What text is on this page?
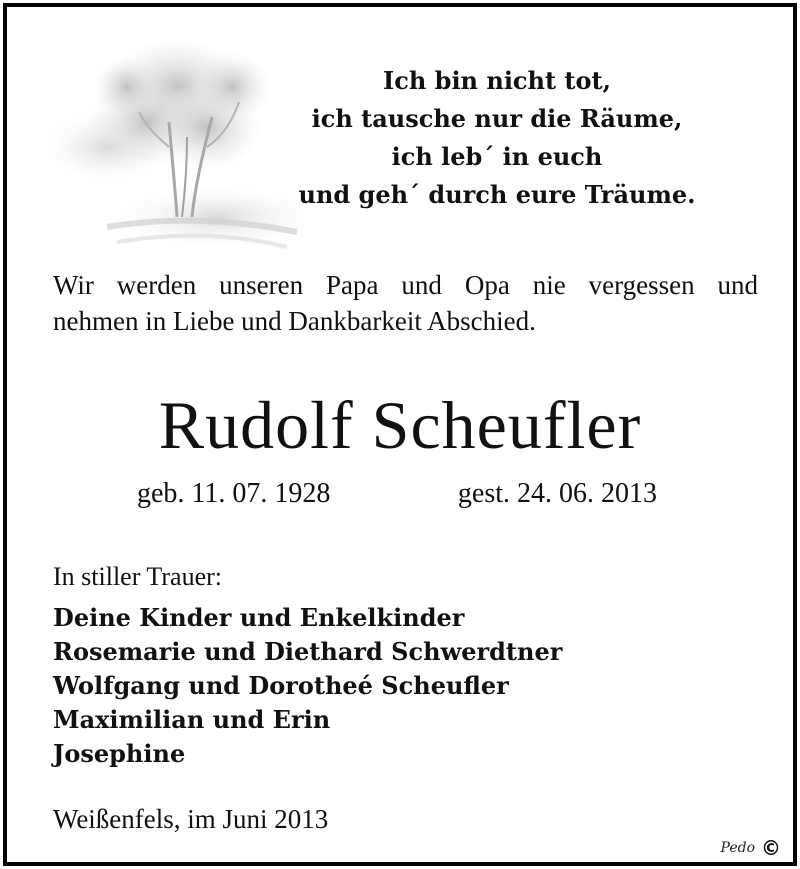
Ich bin nicht tot,
ich tausche nur die Räume,
ich leb´ in euch
und geh´ durch eure Träume.
Wir werden unseren Papa und Opa nie vergessen und
nehmen in Liebe und Dankbarkeit Abschied.
Rudolf Scheufler
geb. 11. 07. 1928	gest. 24. 06. 2013
In stiller Trauer:
Deine Kinder und Enkelkinder
Rosemarie und Diethard Schwerdtner
Wolfgang und Dorotheé Scheufler
Maximilian und Erin
Josephine
Weißenfels, im Juni 2013
Pedo ©
